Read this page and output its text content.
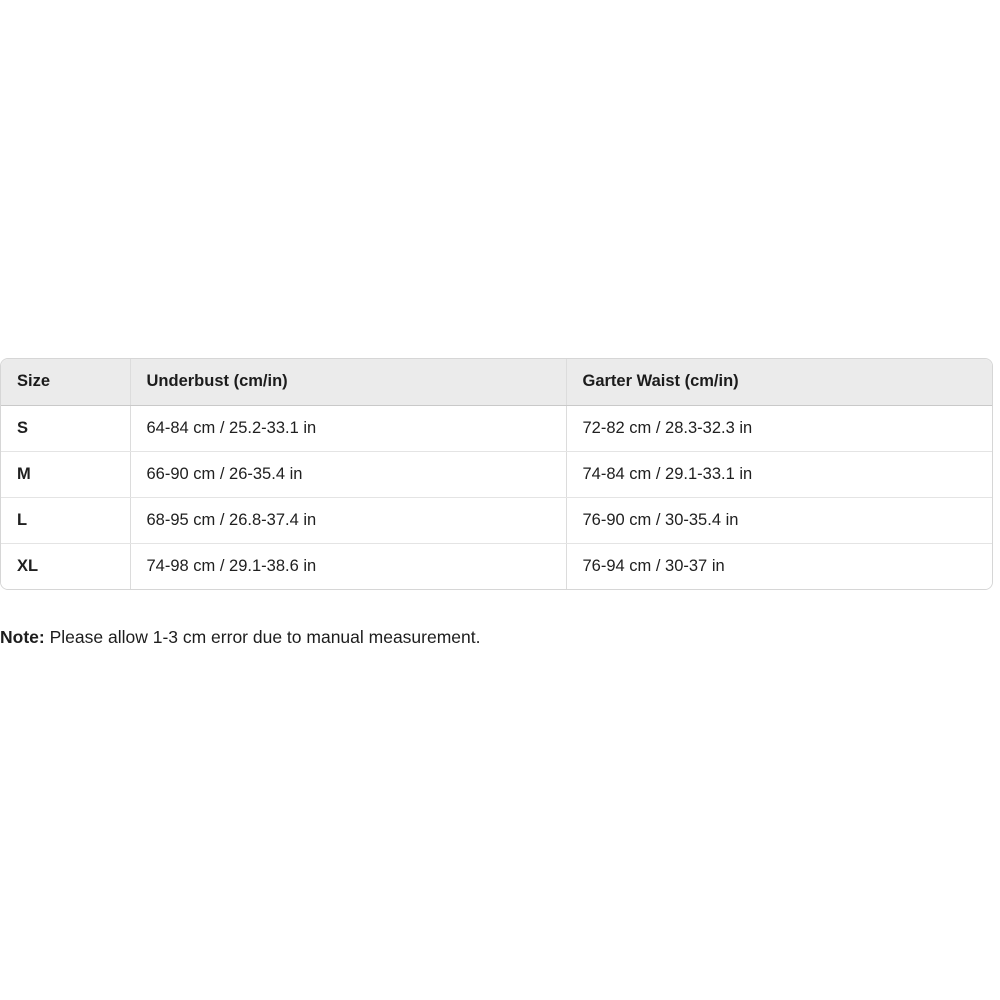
Size	Underbust (cm/in)	Garter Waist (cm/in)
S	64-84 cm / 25.2-33.1 in	72-82 cm / 28.3-32.3 in
M	66-90 cm / 26-35.4 in	74-84 cm / 29.1-33.1 in
L	68-95 cm / 26.8-37.4 in	76-90 cm / 30-35.4 in
XL	74-98 cm / 29.1-38.6 in	76-94 cm / 30-37 in

Note: Please allow 1-3 cm error due to manual measurement.
